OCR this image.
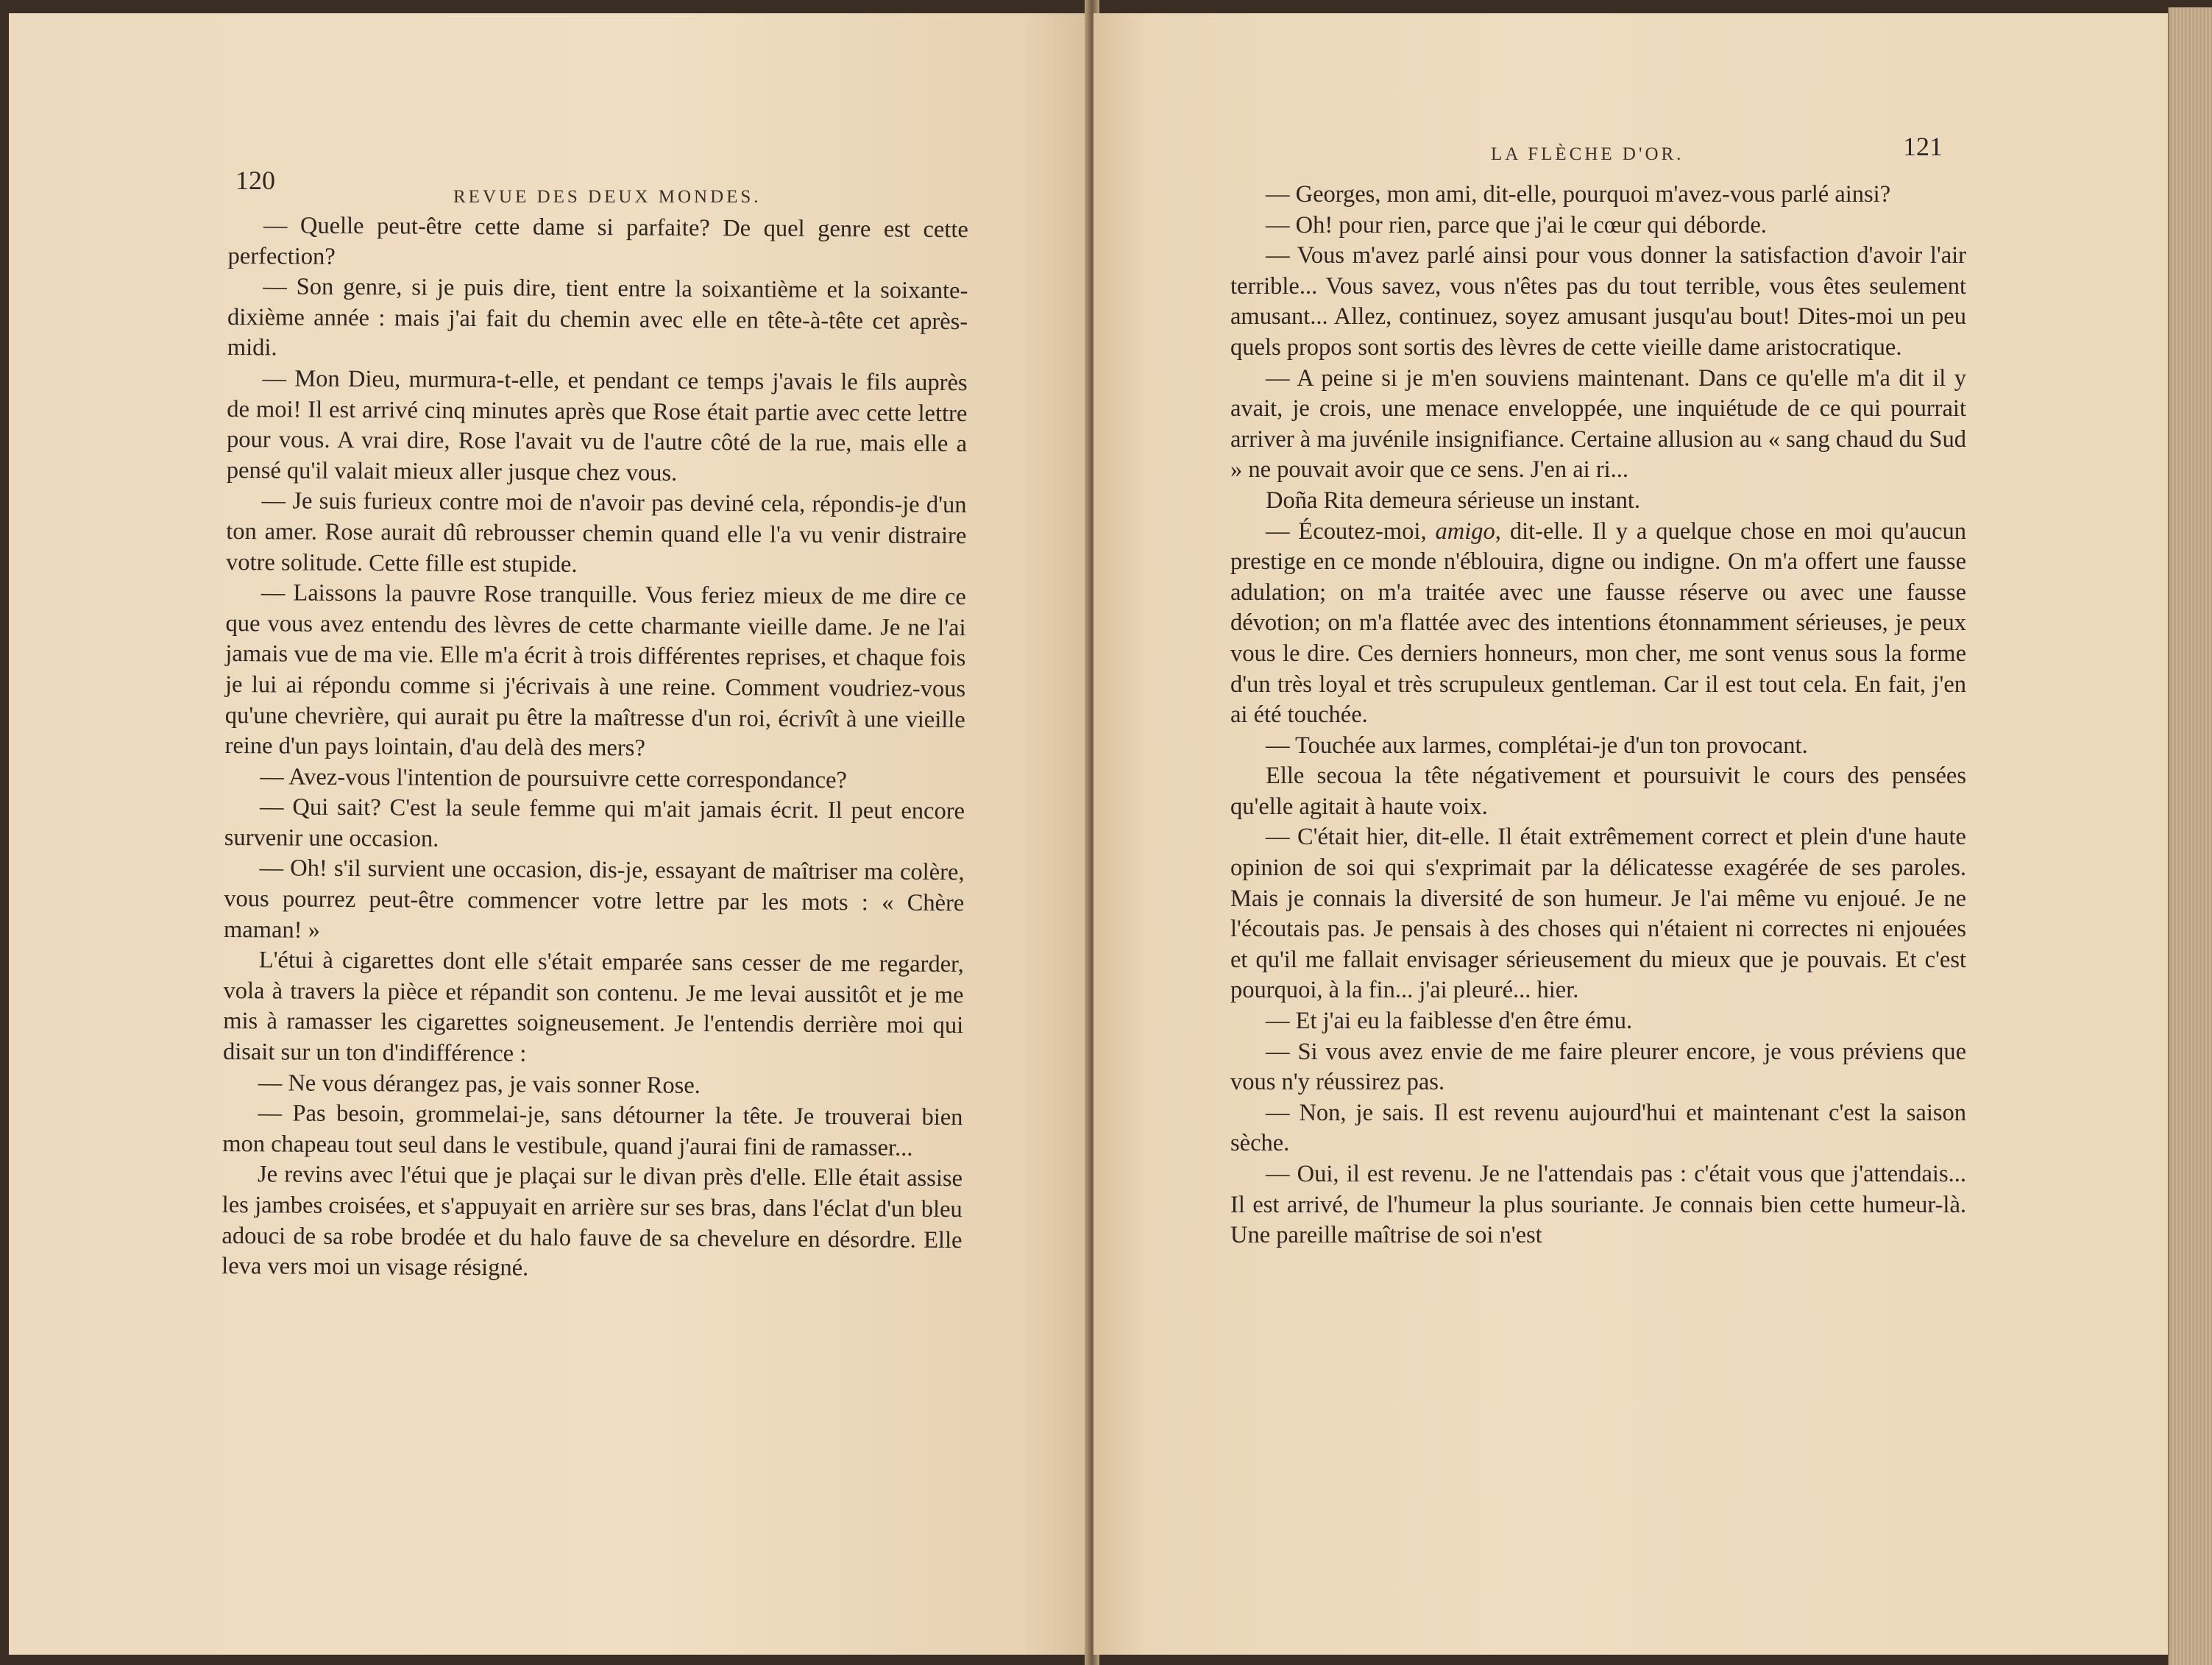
120
REVUE DES DEUX MONDES.

— Quelle peut-être cette dame si parfaite? De quel genre est cette perfection?

— Son genre, si je puis dire, tient entre la soixantième et la soixante-dixième année : mais j'ai fait du chemin avec elle en tête-à-tête cet après-midi.

— Mon Dieu, murmura-t-elle, et pendant ce temps j'avais le fils auprès de moi! Il est arrivé cinq minutes après que Rose était partie avec cette lettre pour vous. A vrai dire, Rose l'avait vu de l'autre côté de la rue, mais elle a pensé qu'il valait mieux aller jusque chez vous.

— Je suis furieux contre moi de n'avoir pas deviné cela, répondis-je d'un ton amer. Rose aurait dû rebrousser chemin quand elle l'a vu venir distraire votre solitude. Cette fille est stupide.

— Laissons la pauvre Rose tranquille. Vous feriez mieux de me dire ce que vous avez entendu des lèvres de cette charmante vieille dame. Je ne l'ai jamais vue de ma vie. Elle m'a écrit à trois différentes reprises, et chaque fois je lui ai répondu comme si j'écrivais à une reine. Comment voudriez-vous qu'une chevrière, qui aurait pu être la maîtresse d'un roi, écrivît à une vieille reine d'un pays lointain, d'au delà des mers?

— Avez-vous l'intention de poursuivre cette correspondance?

— Qui sait? C'est la seule femme qui m'ait jamais écrit. Il peut encore survenir une occasion.

— Oh! s'il survient une occasion, dis-je, essayant de maîtriser ma colère, vous pourrez peut-être commencer votre lettre par les mots : « Chère maman! »

L'étui à cigarettes dont elle s'était emparée sans cesser de me regarder, vola à travers la pièce et répandit son contenu. Je me levai aussitôt et je me mis à ramasser les cigarettes soigneusement. Je l'entendis derrière moi qui disait sur un ton d'indifférence :

— Ne vous dérangez pas, je vais sonner Rose.

— Pas besoin, grommelai-je, sans détourner la tête. Je trouverai bien mon chapeau tout seul dans le vestibule, quand j'aurai fini de ramasser...

Je revins avec l'étui que je plaçai sur le divan près d'elle. Elle était assise les jambes croisées, et s'appuyait en arrière sur ses bras, dans l'éclat d'un bleu adouci de sa robe brodée et du halo fauve de sa chevelure en désordre. Elle leva vers moi un visage résigné.

LA FLÈCHE D'OR.	121

— Georges, mon ami, dit-elle, pourquoi m'avez-vous parlé ainsi?

— Oh! pour rien, parce que j'ai le cœur qui déborde.

— Vous m'avez parlé ainsi pour vous donner la satisfaction d'avoir l'air terrible... Vous savez, vous n'êtes pas du tout terrible, vous êtes seulement amusant... Allez, continuez, soyez amusant jusqu'au bout! Dites-moi un peu quels propos sont sortis des lèvres de cette vieille dame aristocratique.

— A peine si je m'en souviens maintenant. Dans ce qu'elle m'a dit il y avait, je crois, une menace enveloppée, une inquiétude de ce qui pourrait arriver à ma juvénile insignifiance. Certaine allusion au « sang chaud du Sud » ne pouvait avoir que ce sens. J'en ai ri...

Doña Rita demeura sérieuse un instant.

— Écoutez-moi, amigo, dit-elle. Il y a quelque chose en moi qu'aucun prestige en ce monde n'éblouira, digne ou indigne. On m'a offert une fausse adulation; on m'a traitée avec une fausse réserve ou avec une fausse dévotion; on m'a flattée avec des intentions étonnamment sérieuses, je peux vous le dire. Ces derniers honneurs, mon cher, me sont venus sous la forme d'un très loyal et très scrupuleux gentleman. Car il est tout cela. En fait, j'en ai été touchée.

— Touchée aux larmes, complétai-je d'un ton provocant.

Elle secoua la tête négativement et poursuivit le cours des pensées qu'elle agitait à haute voix.

— C'était hier, dit-elle. Il était extrêmement correct et plein d'une haute opinion de soi qui s'exprimait par la délicatesse exagérée de ses paroles. Mais je connais la diversité de son humeur. Je l'ai même vu enjoué. Je ne l'écoutais pas. Je pensais à des choses qui n'étaient ni correctes ni enjouées et qu'il me fallait envisager sérieusement du mieux que je pouvais. Et c'est pourquoi, à la fin... j'ai pleuré... hier.

— Et j'ai eu la faiblesse d'en être ému.

— Si vous avez envie de me faire pleurer encore, je vous préviens que vous n'y réussirez pas.

— Non, je sais. Il est revenu aujourd'hui et maintenant c'est la saison sèche.

— Oui, il est revenu. Je ne l'attendais pas : c'était vous que j'attendais... Il est arrivé, de l'humeur la plus souriante. Je connais bien cette humeur-là. Une pareille maîtrise de soi n'est
